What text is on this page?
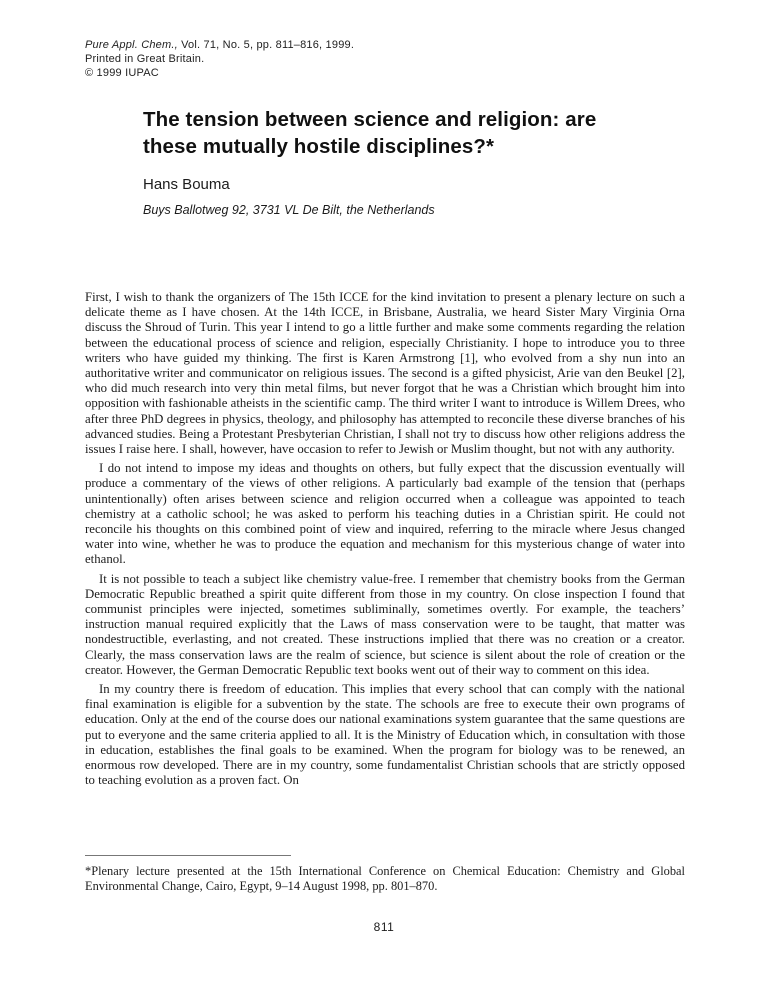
Pure Appl. Chem., Vol. 71, No. 5, pp. 811–816, 1999.
Printed in Great Britain.
© 1999 IUPAC
The tension between science and religion: are
these mutually hostile disciplines?*
Hans Bouma
Buys Ballotweg 92, 3731 VL De Bilt, the Netherlands

First, I wish to thank the organizers of The 15th ICCE for the kind invitation to present a plenary lecture on such a delicate theme as I have chosen. At the 14th ICCE, in Brisbane, Australia, we heard Sister Mary Virginia Orna discuss the Shroud of Turin. This year I intend to go a little further and make some comments regarding the relation between the educational process of science and religion, especially Christianity. I hope to introduce you to three writers who have guided my thinking. The first is Karen Armstrong [1], who evolved from a shy nun into an authoritative writer and communicator on religious issues. The second is a gifted physicist, Arie van den Beukel [2], who did much research into very thin metal films, but never forgot that he was a Christian which brought him into opposition with fashionable atheists in the scientific camp. The third writer I want to introduce is Willem Drees, who after three PhD degrees in physics, theology, and philosophy has attempted to reconcile these diverse branches of his advanced studies. Being a Protestant Presbyterian Christian, I shall not try to discuss how other religions address the issues I raise here. I shall, however, have occasion to refer to Jewish or Muslim thought, but not with any authority.

I do not intend to impose my ideas and thoughts on others, but fully expect that the discussion eventually will produce a commentary of the views of other religions. A particularly bad example of the tension that (perhaps unintentionally) often arises between science and religion occurred when a colleague was appointed to teach chemistry at a catholic school; he was asked to perform his teaching duties in a Christian spirit. He could not reconcile his thoughts on this combined point of view and inquired, referring to the miracle where Jesus changed water into wine, whether he was to produce the equation and mechanism for this mysterious change of water into ethanol.

It is not possible to teach a subject like chemistry value-free. I remember that chemistry books from the German Democratic Republic breathed a spirit quite different from those in my country. On close inspection I found that communist principles were injected, sometimes subliminally, sometimes overtly. For example, the teachers’ instruction manual required explicitly that the Laws of mass conservation were to be taught, that matter was nondestructible, everlasting, and not created. These instructions implied that there was no creation or a creator. Clearly, the mass conservation laws are the realm of science, but science is silent about the role of creation or the creator. However, the German Democratic Republic text books went out of their way to comment on this idea.

In my country there is freedom of education. This implies that every school that can comply with the national final examination is eligible for a subvention by the state. The schools are free to execute their own programs of education. Only at the end of the course does our national examinations system guarantee that the same questions are put to everyone and the same criteria applied to all. It is the Ministry of Education which, in consultation with those in education, establishes the final goals to be examined. When the program for biology was to be renewed, an enormous row developed. There are in my country, some fundamentalist Christian schools that are strictly opposed to teaching evolution as a proven fact. On

*Plenary lecture presented at the 15th International Conference on Chemical Education: Chemistry and Global Environmental Change, Cairo, Egypt, 9–14 August 1998, pp. 801–870.
811
